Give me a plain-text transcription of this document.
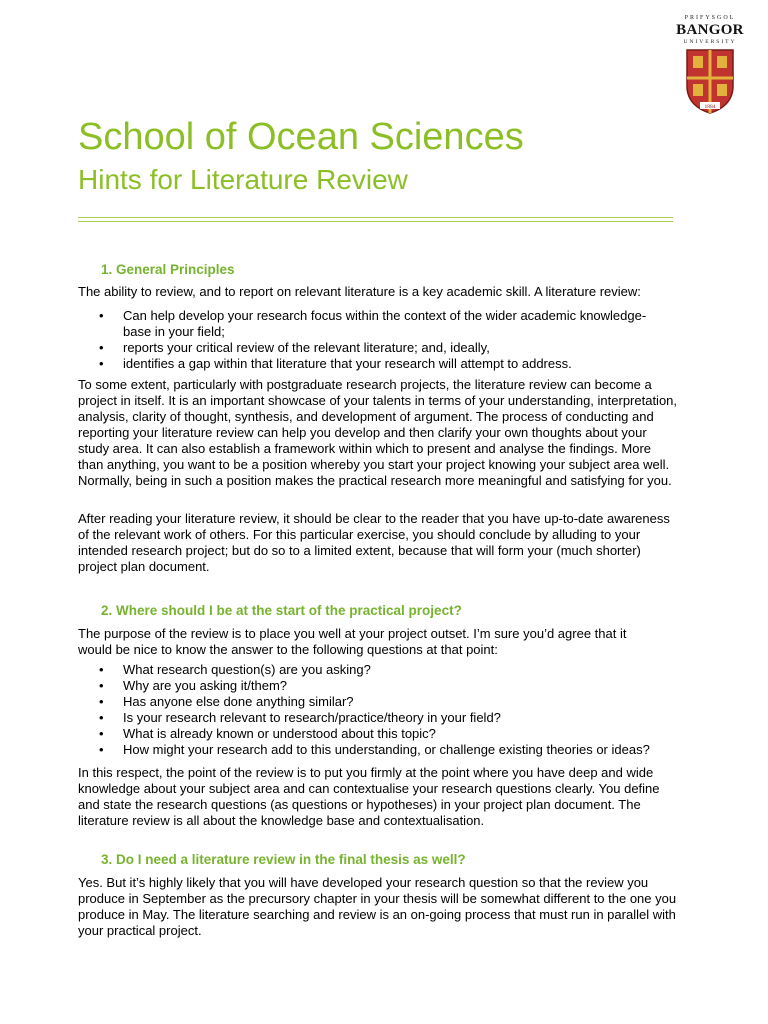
PRIFYSGOL
BANGOR
UNIVERSITY
1884
School of Ocean Sciences
Hints for Literature Review
1. General Principles
The ability to review, and to report on relevant literature is a key academic skill. A literature review:
• Can help develop your research focus within the context of the wider academic knowledge-base in your field;
• reports your critical review of the relevant literature; and, ideally,
• identifies a gap within that literature that your research will attempt to address.
To some extent, particularly with postgraduate research projects, the literature review can become a project in itself. It is an important showcase of your talents in terms of your understanding, interpretation, analysis, clarity of thought, synthesis, and development of argument. The process of conducting and reporting your literature review can help you develop and then clarify your own thoughts about your study area. It can also establish a framework within which to present and analyse the findings. More than anything, you want to be a position whereby you start your project knowing your subject area well. Normally, being in such a position makes the practical research more meaningful and satisfying for you.
After reading your literature review, it should be clear to the reader that you have up-to-date awareness of the relevant work of others. For this particular exercise, you should conclude by alluding to your intended research project; but do so to a limited extent, because that will form your (much shorter) project plan document.
2. Where should I be at the start of the practical project?
The purpose of the review is to place you well at your project outset. I’m sure you’d agree that it would be nice to know the answer to the following questions at that point:
• What research question(s) are you asking?
• Why are you asking it/them?
• Has anyone else done anything similar?
• Is your research relevant to research/practice/theory in your field?
• What is already known or understood about this topic?
• How might your research add to this understanding, or challenge existing theories or ideas?
In this respect, the point of the review is to put you firmly at the point where you have deep and wide knowledge about your subject area and can contextualise your research questions clearly. You define and state the research questions (as questions or hypotheses) in your project plan document. The literature review is all about the knowledge base and contextualisation.
3. Do I need a literature review in the final thesis as well?
Yes. But it’s highly likely that you will have developed your research question so that the review you produce in September as the precursory chapter in your thesis will be somewhat different to the one you produce in May. The literature searching and review is an on-going process that must run in parallel with your practical project.
